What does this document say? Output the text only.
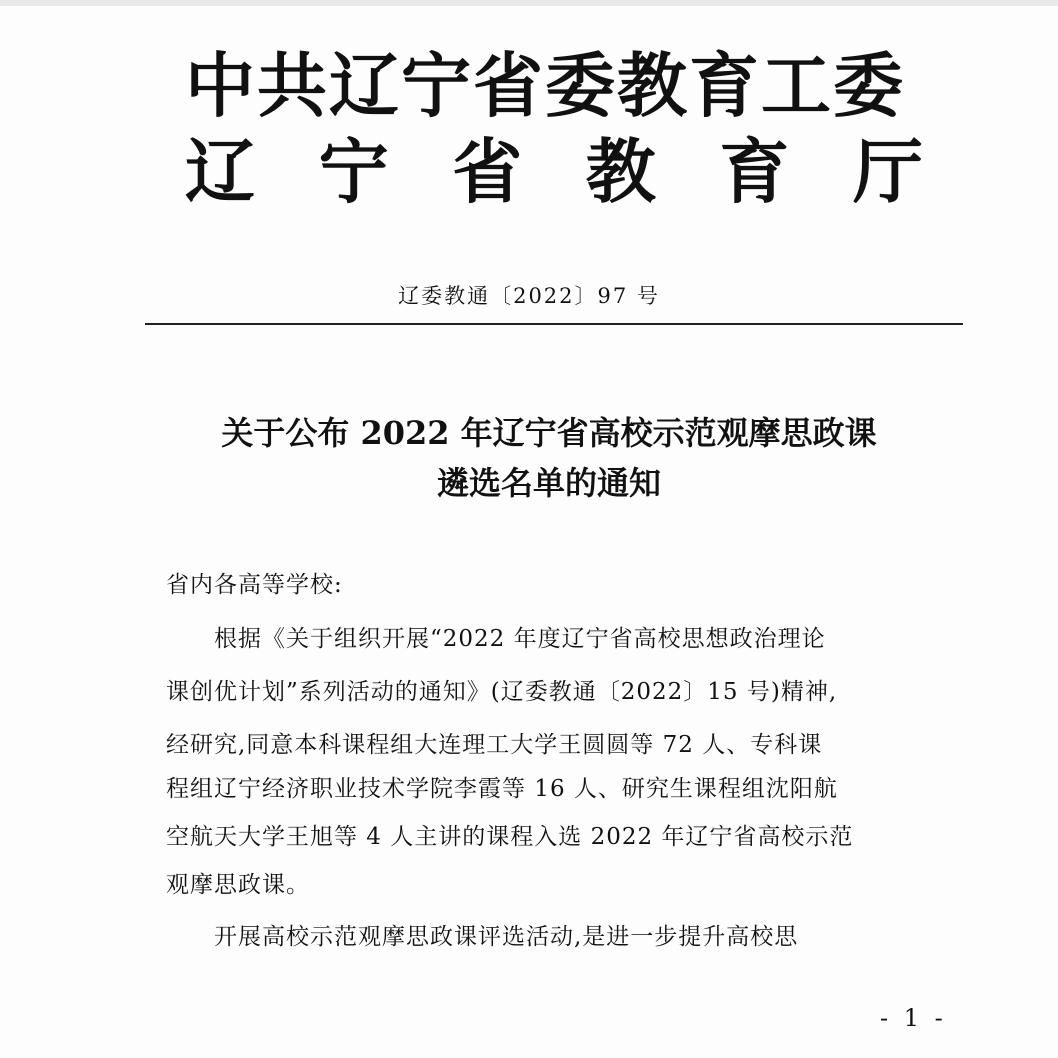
中共辽宁省委教育工委
辽 宁 省 教 育 厅
辽委教通〔2022〕97 号
关于公布 2022 年辽宁省高校示范观摩思政课
遴选名单的通知
省内各高等学校:
　　根据《关于组织开展“2022 年度辽宁省高校思想政治理论
课创优计划”系列活动的通知》(辽委教通〔2022〕15 号)精神,
经研究,同意本科课程组大连理工大学王圆圆等 72 人、专科课
程组辽宁经济职业技术学院李霞等 16 人、研究生课程组沈阳航
空航天大学王旭等 4 人主讲的课程入选 2022 年辽宁省高校示范
观摩思政课。
　　开展高校示范观摩思政课评选活动,是进一步提升高校思
- 1 -
